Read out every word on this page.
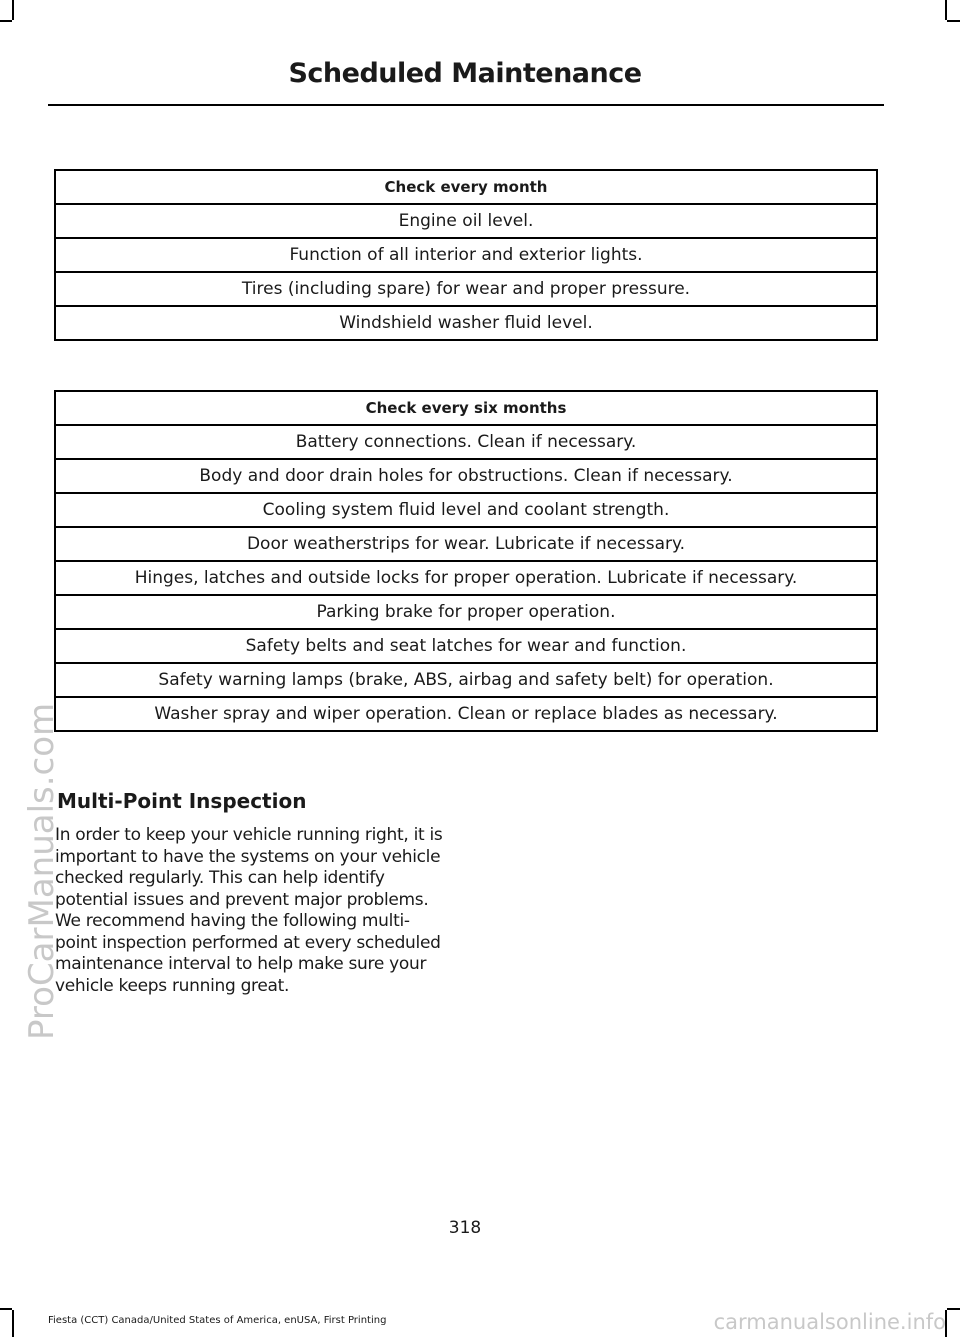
Scheduled Maintenance
Check every month
Engine oil level.
Function of all interior and exterior lights.
Tires (including spare) for wear and proper pressure.
Windshield washer fluid level.
Check every six months
Battery connections. Clean if necessary.
Body and door drain holes for obstructions. Clean if necessary.
Cooling system fluid level and coolant strength.
Door weatherstrips for wear. Lubricate if necessary.
Hinges, latches and outside locks for proper operation. Lubricate if necessary.
Parking brake for proper operation.
Safety belts and seat latches for wear and function.
Safety warning lamps (brake, ABS, airbag and safety belt) for operation.
Washer spray and wiper operation. Clean or replace blades as necessary.
Multi-Point Inspection
In order to keep your vehicle running right, it is important to have the systems on your vehicle checked regularly. This can help identify potential issues and prevent major problems. We recommend having the following multi-point inspection performed at every scheduled maintenance interval to help make sure your vehicle keeps running great.
318
Fiesta (CCT) Canada/United States of America, enUSA, First Printing
ProCarManuals.com
carmanualsonline.info
